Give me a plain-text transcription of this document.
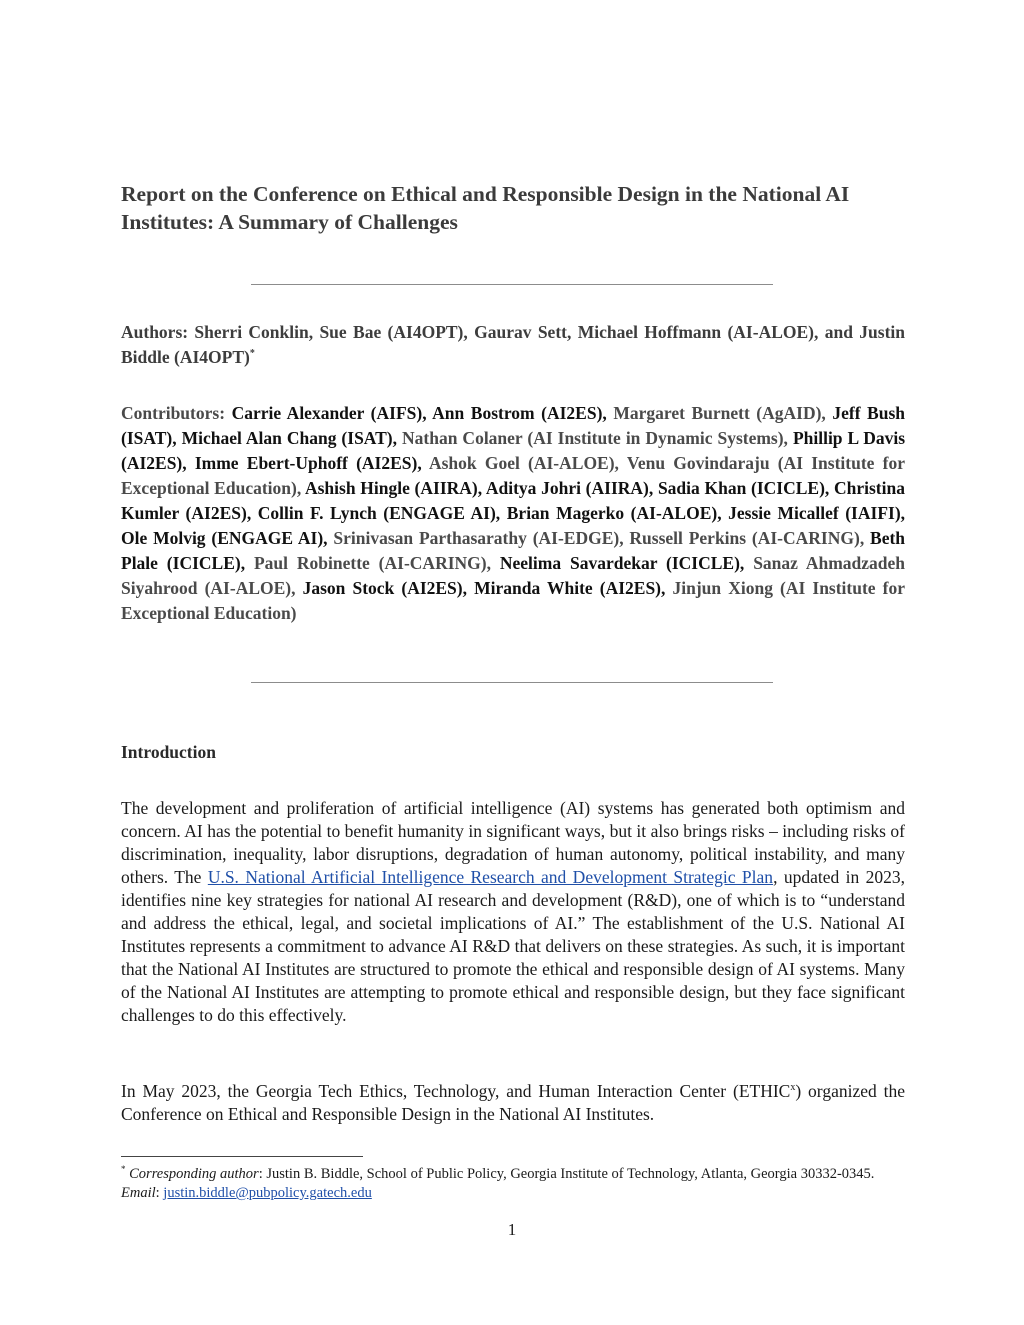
Report on the Conference on Ethical and Responsible Design in the National AI Institutes: A Summary of Challenges

Authors: Sherri Conklin, Sue Bae (AI4OPT), Gaurav Sett, Michael Hoffmann (AI-ALOE), and Justin Biddle (AI4OPT)*

Contributors: Carrie Alexander (AIFS), Ann Bostrom (AI2ES), Margaret Burnett (AgAID), Jeff Bush (ISAT), Michael Alan Chang (ISAT), Nathan Colaner (AI Institute in Dynamic Systems), Phillip L Davis (AI2ES), Imme Ebert-Uphoff (AI2ES), Ashok Goel (AI-ALOE), Venu Govindaraju (AI Institute for Exceptional Education), Ashish Hingle (AIIRA), Aditya Johri (AIIRA), Sadia Khan (ICICLE), Christina Kumler (AI2ES), Collin F. Lynch (ENGAGE AI), Brian Magerko (AI-ALOE), Jessie Micallef (IAIFI), Ole Molvig (ENGAGE AI), Srinivasan Parthasarathy (AI-EDGE), Russell Perkins (AI-CARING), Beth Plale (ICICLE), Paul Robinette (AI-CARING), Neelima Savardekar (ICICLE), Sanaz Ahmadzadeh Siyahrood (AI-ALOE), Jason Stock (AI2ES), Miranda White (AI2ES), Jinjun Xiong (AI Institute for Exceptional Education)

Introduction

The development and proliferation of artificial intelligence (AI) systems has generated both optimism and concern. AI has the potential to benefit humanity in significant ways, but it also brings risks – including risks of discrimination, inequality, labor disruptions, degradation of human autonomy, political instability, and many others. The U.S. National Artificial Intelligence Research and Development Strategic Plan, updated in 2023, identifies nine key strategies for national AI research and development (R&D), one of which is to “understand and address the ethical, legal, and societal implications of AI.” The establishment of the U.S. National AI Institutes represents a commitment to advance AI R&D that delivers on these strategies. As such, it is important that the National AI Institutes are structured to promote the ethical and responsible design of AI systems. Many of the National AI Institutes are attempting to promote ethical and responsible design, but they face significant challenges to do this effectively.

In May 2023, the Georgia Tech Ethics, Technology, and Human Interaction Center (ETHIC$^x$) organized the Conference on Ethical and Responsible Design in the National AI Institutes.

* Corresponding author: Justin B. Biddle, School of Public Policy, Georgia Institute of Technology, Atlanta, Georgia 30332-0345. Email: justin.biddle@pubpolicy.gatech.edu

1
